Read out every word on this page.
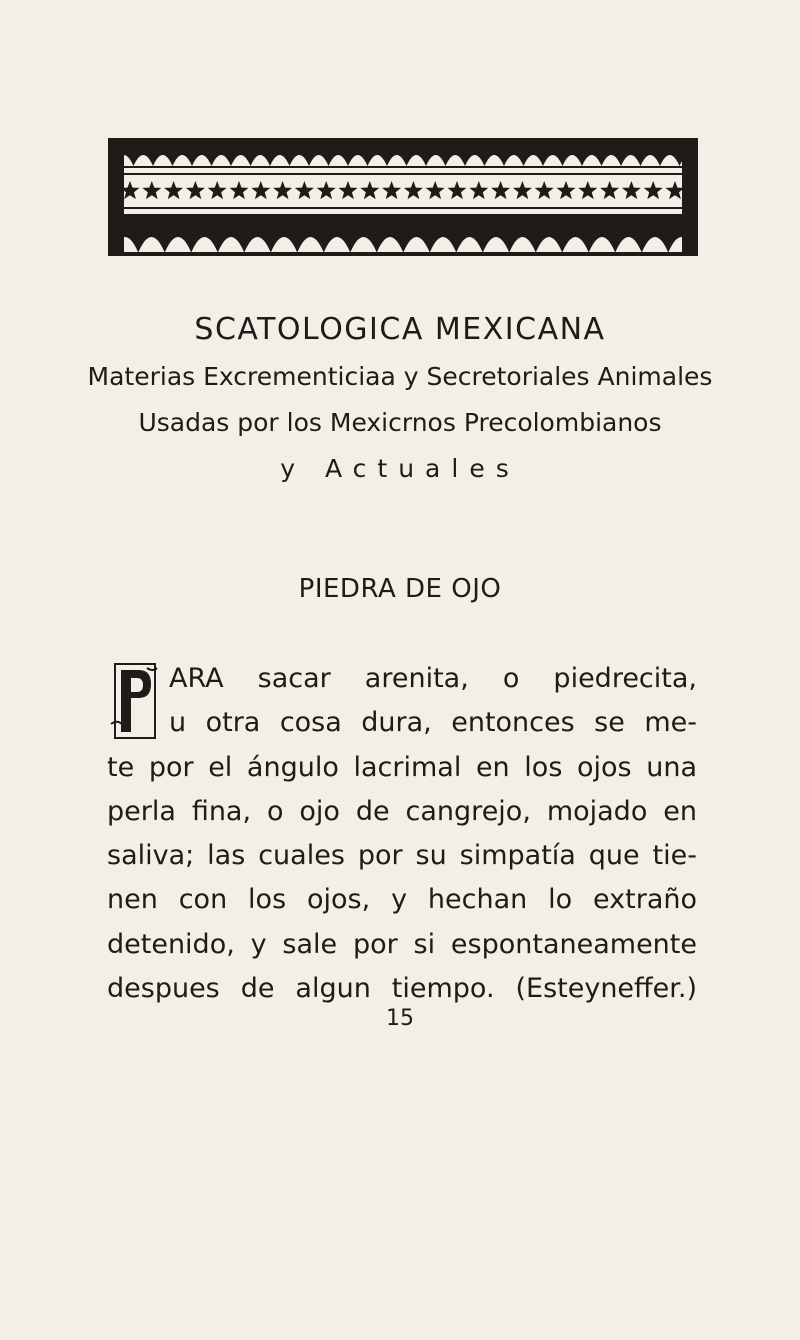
SCATOLOGICA MEXICANA
Materias Excrementiciaa y Secretoriales Animales
Usadas por los Mexicrnos Precolombianos
y Actuales
PIEDRA DE OJO
ARA sacar arenita, o piedrecita,
u otra cosa dura, entonces se me-
te por el ángulo lacrimal en los ojos una
perla fina, o ojo de cangrejo, mojado en
saliva; las cuales por su simpatía que tie-
nen con los ojos, y hechan lo extraño
detenido, y sale por si espontaneamente
despues de algun tiempo. (Esteyneffer.)
15
